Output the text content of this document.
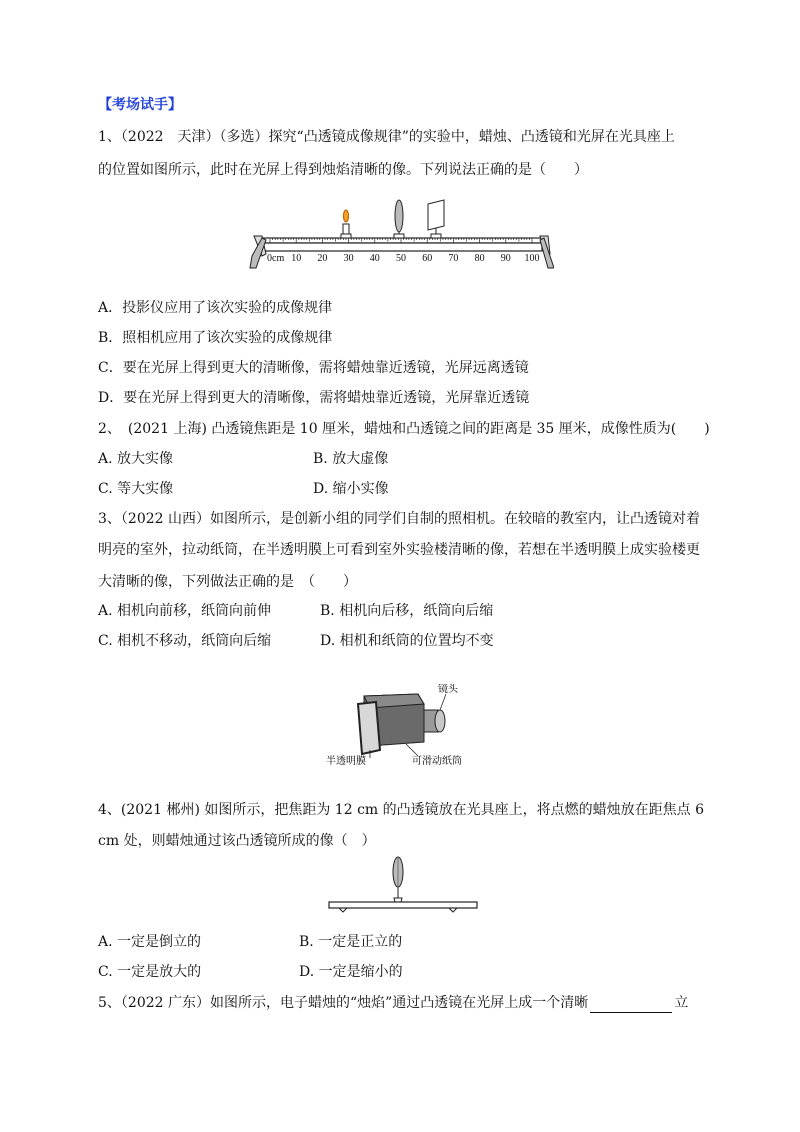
【考场试手】
1、（2022　天津）（多选）探究“凸透镜成像规律”的实验中，蜡烛、凸透镜和光屏在光具座上
的位置如图所示，此时在光屏上得到烛焰清晰的像。下列说法正确的是（　　）
0cm 10 20 30 40 50 60 70 80 90 100
A．投影仪应用了该次实验的成像规律
B．照相机应用了该次实验的成像规律
C．要在光屏上得到更大的清晰像，需将蜡烛靠近透镜，光屏远离透镜
D．要在光屏上得到更大的清晰像，需将蜡烛靠近透镜，光屏靠近透镜
2、　(2021 上海) 凸透镜焦距是 10 厘米，蜡烛和凸透镜之间的距离是 35 厘米，成像性质为(　　)
A. 放大实像	B. 放大虚像
C. 等大实像	D. 缩小实像
3、（2022 山西）如图所示，是创新小组的同学们自制的照相机。在较暗的教室内，让凸透镜对着
明亮的室外，拉动纸筒，在半透明膜上可看到室外实验楼清晰的像，若想在半透明膜上成实验楼更
大清晰的像，下列做法正确的是　（　　）
A. 相机向前移，纸筒向前伸	B. 相机向后移，纸筒向后缩
C. 相机不移动，纸筒向后缩	D. 相机和纸筒的位置均不变
镜头
半透明膜	可滑动纸筒
4、(2021 郴州) 如图所示，把焦距为 12 cm 的凸透镜放在光具座上，将点燃的蜡烛放在距焦点 6
cm 处，则蜡烛通过该凸透镜所成的像（　）
A. 一定是倒立的	B. 一定是正立的
C. 一定是放大的	D. 一定是缩小的
5、（2022 广东）如图所示，电子蜡烛的“烛焰”通过凸透镜在光屏上成一个清晰	立
